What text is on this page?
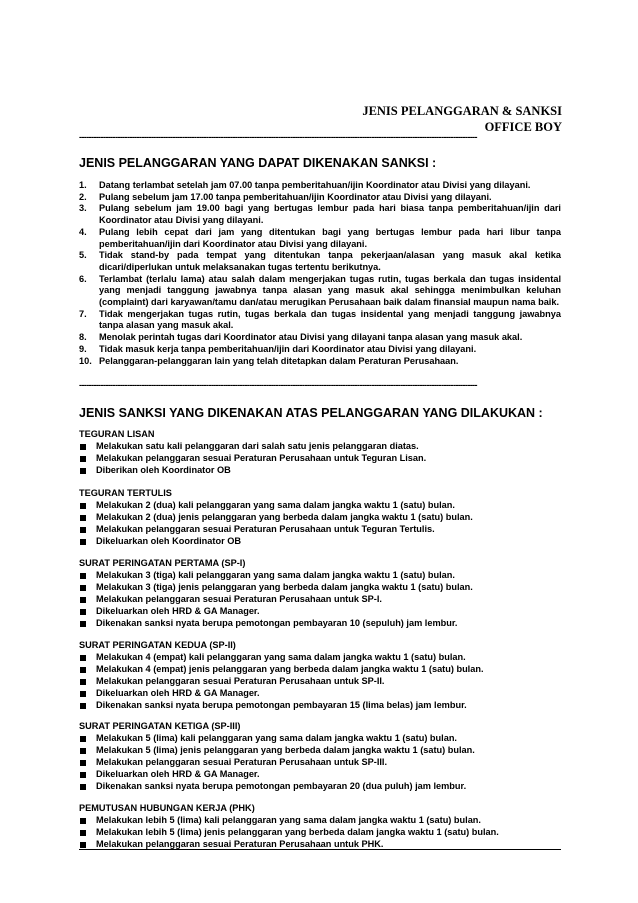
JENIS PELANGGARAN & SANKSI
OFFICE BOY
----------------------------------------------------------------------------------------------------------------------------------------------------------------------
JENIS PELANGGARAN YANG DAPAT DIKENAKAN SANKSI :
1.	Datang terlambat setelah jam 07.00 tanpa pemberitahuan/ijin Koordinator atau Divisi yang dilayani.
2.	Pulang sebelum jam 17.00 tanpa pemberitahuan/ijin Koordinator atau Divisi yang dilayani.
3.	Pulang sebelum jam 19.00 bagi yang bertugas lembur pada hari biasa tanpa pemberitahuan/ijin dari Koordinator atau Divisi yang dilayani.
4.	Pulang lebih cepat dari jam yang ditentukan bagi yang bertugas lembur pada hari libur tanpa pemberitahuan/ijin dari Koordinator atau Divisi yang dilayani.
5.	Tidak stand-by pada tempat yang ditentukan tanpa pekerjaan/alasan yang masuk akal ketika dicari/diperlukan untuk melaksanakan tugas tertentu berikutnya.
6.	Terlambat (terlalu lama) atau salah dalam mengerjakan tugas rutin, tugas berkala dan tugas insidental yang menjadi tanggung jawabnya tanpa alasan yang masuk akal sehingga menimbulkan keluhan (complaint) dari karyawan/tamu dan/atau merugikan Perusahaan baik dalam finansial maupun nama baik.
7.	Tidak mengerjakan tugas rutin, tugas berkala dan tugas insidental yang menjadi tanggung jawabnya tanpa alasan yang masuk akal.
8.	Menolak perintah tugas dari Koordinator atau Divisi yang dilayani tanpa alasan yang masuk akal.
9.	Tidak masuk kerja tanpa pemberitahuan/ijin dari Koordinator atau Divisi yang dilayani.
10. Pelanggaran-pelanggaran lain yang telah ditetapkan dalam Peraturan Perusahaan.
----------------------------------------------------------------------------------------------------------------------------------------------------------------------
JENIS SANKSI YANG DIKENAKAN ATAS PELANGGARAN YANG DILAKUKAN :
TEGURAN LISAN
Melakukan satu kali pelanggaran dari salah satu jenis pelanggaran diatas.
Melakukan pelanggaran sesuai Peraturan Perusahaan untuk Teguran Lisan.
Diberikan oleh Koordinator OB
TEGURAN TERTULIS
Melakukan 2 (dua) kali pelanggaran yang sama dalam jangka waktu 1 (satu) bulan.
Melakukan 2 (dua) jenis pelanggaran yang berbeda dalam jangka waktu 1 (satu) bulan.
Melakukan pelanggaran sesuai Peraturan Perusahaan untuk Teguran Tertulis.
Dikeluarkan oleh Koordinator OB
SURAT PERINGATAN PERTAMA (SP-I)
Melakukan 3 (tiga) kali pelanggaran yang sama dalam jangka waktu 1 (satu) bulan.
Melakukan 3 (tiga) jenis pelanggaran yang berbeda dalam jangka waktu 1 (satu) bulan.
Melakukan pelanggaran sesuai Peraturan Perusahaan untuk SP-I.
Dikeluarkan oleh HRD & GA Manager.
Dikenakan sanksi nyata berupa pemotongan pembayaran 10 (sepuluh) jam lembur.
SURAT PERINGATAN KEDUA (SP-II)
Melakukan 4 (empat) kali pelanggaran yang sama dalam jangka waktu 1 (satu) bulan.
Melakukan 4 (empat) jenis pelanggaran yang berbeda dalam jangka waktu 1 (satu) bulan.
Melakukan pelanggaran sesuai Peraturan Perusahaan untuk SP-II.
Dikeluarkan oleh HRD & GA Manager.
Dikenakan sanksi nyata berupa pemotongan pembayaran 15 (lima belas) jam lembur.
SURAT PERINGATAN KETIGA (SP-III)
Melakukan 5 (lima) kali pelanggaran yang sama dalam jangka waktu 1 (satu) bulan.
Melakukan 5 (lima) jenis pelanggaran yang berbeda dalam jangka waktu 1 (satu) bulan.
Melakukan pelanggaran sesuai Peraturan Perusahaan untuk SP-III.
Dikeluarkan oleh HRD & GA Manager.
Dikenakan sanksi nyata berupa pemotongan pembayaran 20 (dua puluh) jam lembur.
PEMUTUSAN HUBUNGAN KERJA (PHK)
Melakukan lebih 5 (lima) kali pelanggaran yang sama dalam jangka waktu 1 (satu) bulan.
Melakukan lebih 5 (lima) jenis pelanggaran yang berbeda dalam jangka waktu 1 (satu) bulan.
Melakukan pelanggaran sesuai Peraturan Perusahaan untuk PHK.
